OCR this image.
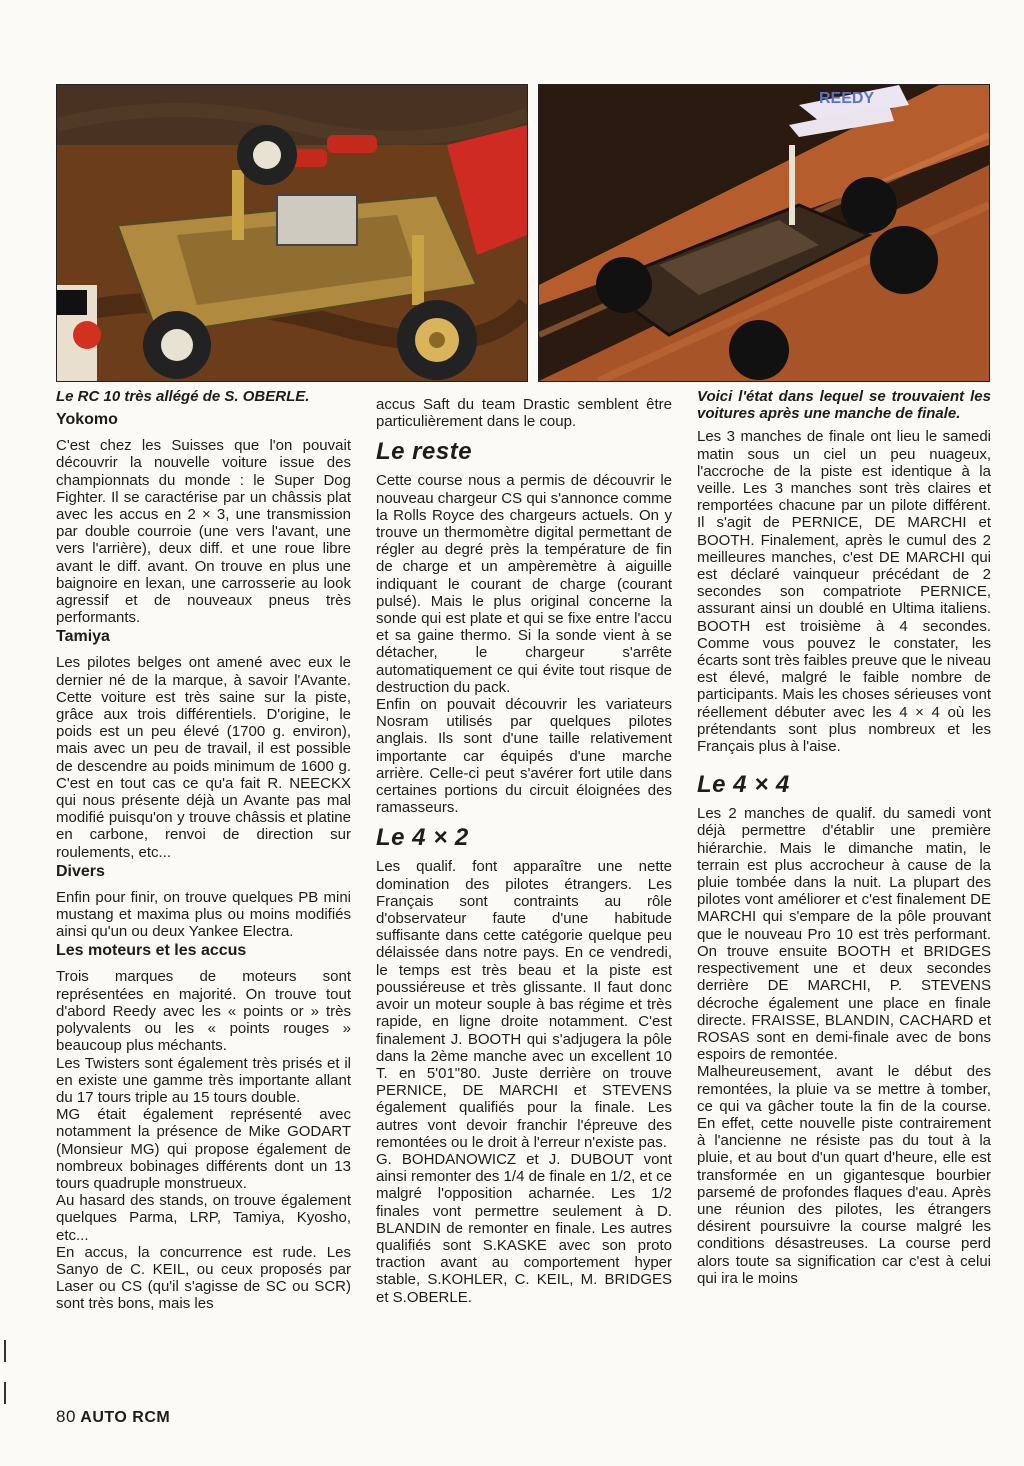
REEDY
Le RC 10 très allégé de S. OBERLE.
Yokomo

C'est chez les Suisses que l'on pouvait découvrir la nouvelle voiture issue des championnats du monde : le Super Dog Fighter. Il se caractérise par un châssis plat avec les accus en 2 × 3, une transmission par double courroie (une vers l'avant, une vers l'arrière), deux diff. et une roue libre avant le diff. avant. On trouve en plus une baignoire en lexan, une carrosserie au look agressif et de nouveaux pneus très performants.

Tamiya

Les pilotes belges ont amené avec eux le dernier né de la marque, à savoir l'Avante. Cette voiture est très saine sur la piste, grâce aux trois différentiels. D'origine, le poids est un peu élevé (1700 g. environ), mais avec un peu de travail, il est possible de descendre au poids minimum de 1600 g. C'est en tout cas ce qu'a fait R. NEECKX qui nous présente déjà un Avante pas mal modifié puisqu'on y trouve châssis et platine en carbone, renvoi de direction sur roulements, etc...

Divers

Enfin pour finir, on trouve quelques PB mini mustang et maxima plus ou moins modifiés ainsi qu'un ou deux Yankee Electra.

Les moteurs et les accus

Trois marques de moteurs sont représentées en majorité. On trouve tout d'abord Reedy avec les « points or » très polyvalents ou les « points rouges » beaucoup plus méchants.

Les Twisters sont également très prisés et il en existe une gamme très importante allant du 17 tours triple au 15 tours double.

MG était également représenté avec notamment la présence de Mike GODART (Monsieur MG) qui propose également de nombreux bobinages différents dont un 13 tours quadruple monstrueux.

Au hasard des stands, on trouve également quelques Parma, LRP, Tamiya, Kyosho, etc...

En accus, la concurrence est rude. Les Sanyo de C. KEIL, ou ceux proposés par Laser ou CS (qu'il s'agisse de SC ou SCR) sont très bons, mais les

accus Saft du team Drastic semblent être particulièrement dans le coup.

Le reste

Cette course nous a permis de découvrir le nouveau chargeur CS qui s'annonce comme la Rolls Royce des chargeurs actuels. On y trouve un thermomètre digital permettant de régler au degré près la température de fin de charge et un ampèremètre à aiguille indiquant le courant de charge (courant pulsé). Mais le plus original concerne la sonde qui est plate et qui se fixe entre l'accu et sa gaine thermo. Si la sonde vient à se détacher, le chargeur s'arrête automatiquement ce qui évite tout risque de destruction du pack.

Enfin on pouvait découvrir les variateurs Nosram utilisés par quelques pilotes anglais. Ils sont d'une taille relativement importante car équipés d'une marche arrière. Celle-ci peut s'avérer fort utile dans certaines portions du circuit éloignées des ramasseurs.

Le 4 × 2

Les qualif. font apparaître une nette domination des pilotes étrangers. Les Français sont contraints au rôle d'observateur faute d'une habitude suffisante dans cette catégorie quelque peu délaissée dans notre pays. En ce vendredi, le temps est très beau et la piste est poussiéreuse et très glissante. Il faut donc avoir un moteur souple à bas régime et très rapide, en ligne droite notamment. C'est finalement J. BOOTH qui s'adjugera la pôle dans la 2ème manche avec un excellent 10 T. en 5'01"80. Juste derrière on trouve PERNICE, DE MARCHI et STEVENS également qualifiés pour la finale. Les autres vont devoir franchir l'épreuve des remontées ou le droit à l'erreur n'existe pas.

G. BOHDANOWICZ et J. DUBOUT vont ainsi remonter des 1/4 de finale en 1/2, et ce malgré l'opposition acharnée. Les 1/2 finales vont permettre seulement à D. BLANDIN de remonter en finale. Les autres qualifiés sont S.KASKE avec son proto traction avant au comportement hyper stable, S.KOHLER, C. KEIL, M. BRIDGES et S.OBERLE.

Voici l'état dans lequel se trouvaient les voitures après une manche de finale.

Les 3 manches de finale ont lieu le samedi matin sous un ciel un peu nuageux, l'accroche de la piste est identique à la veille. Les 3 manches sont très claires et remportées chacune par un pilote différent. Il s'agit de PERNICE, DE MARCHI et BOOTH. Finalement, après le cumul des 2 meilleures manches, c'est DE MARCHI qui est déclaré vainqueur précédant de 2 secondes son compatriote PERNICE, assurant ainsi un doublé en Ultima italiens. BOOTH est troisième à 4 secondes. Comme vous pouvez le constater, les écarts sont très faibles preuve que le niveau est élevé, malgré le faible nombre de participants. Mais les choses sérieuses vont réellement débuter avec les 4 × 4 où les prétendants sont plus nombreux et les Français plus à l'aise.

Le 4 × 4

Les 2 manches de qualif. du samedi vont déjà permettre d'établir une première hiérarchie. Mais le dimanche matin, le terrain est plus accrocheur à cause de la pluie tombée dans la nuit. La plupart des pilotes vont améliorer et c'est finalement DE MARCHI qui s'empare de la pôle prouvant que le nouveau Pro 10 est très performant. On trouve ensuite BOOTH et BRIDGES respectivement une et deux secondes derrière DE MARCHI, P. STEVENS décroche également une place en finale directe. FRAISSE, BLANDIN, CACHARD et ROSAS sont en demi-finale avec de bons espoirs de remontée.

Malheureusement, avant le début des remontées, la pluie va se mettre à tomber, ce qui va gâcher toute la fin de la course. En effet, cette nouvelle piste contrairement à l'ancienne ne résiste pas du tout à la pluie, et au bout d'un quart d'heure, elle est transformée en un gigantesque bourbier parsemé de profondes flaques d'eau. Après une réunion des pilotes, les étrangers désirent poursuivre la course malgré les conditions désastreuses. La course perd alors toute sa signification car c'est à celui qui ira le moins

80 AUTO RCM
